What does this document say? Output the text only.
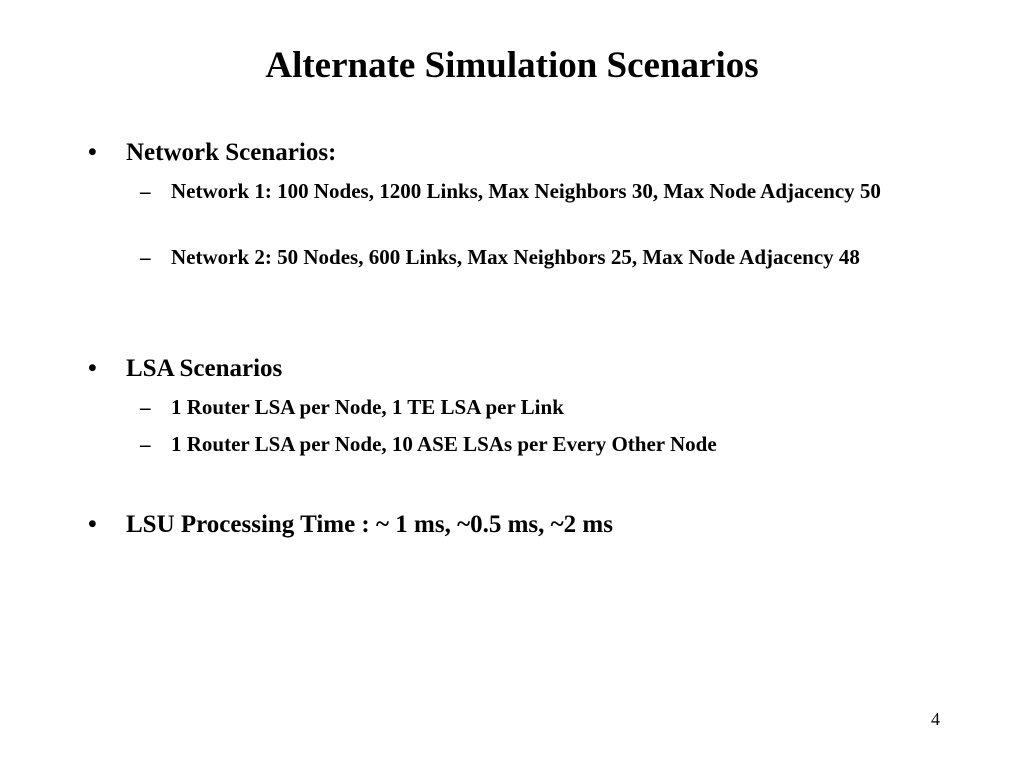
Alternate Simulation Scenarios
• Network Scenarios:
– Network 1: 100 Nodes, 1200 Links, Max Neighbors 30, Max Node Adjacency 50
– Network 2: 50 Nodes, 600 Links, Max Neighbors 25, Max Node Adjacency 48
• LSA Scenarios
– 1 Router LSA per Node, 1 TE LSA per Link
– 1 Router LSA per Node, 10 ASE LSAs per Every Other Node
• LSU Processing Time : ~ 1 ms, ~0.5 ms, ~2 ms
4
